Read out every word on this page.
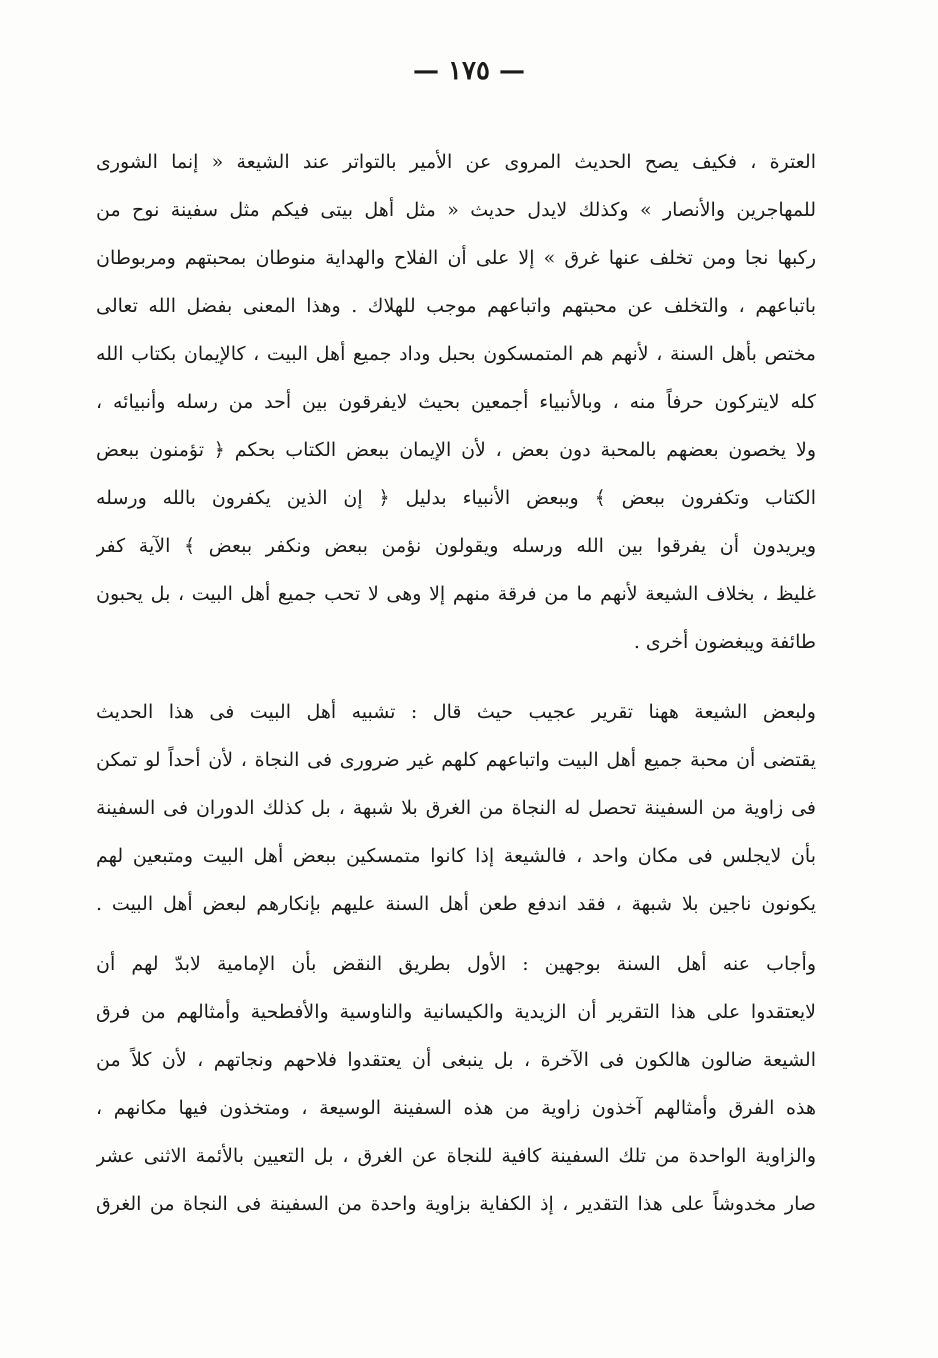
— ١٧٥ —
العترة ، فكيف يصح الحديث المروى عن الأمير بالتواتر عند الشيعة « إنما الشورى
للمهاجرين والأنصار » وكذلك لايدل حديث « مثل أهل بيتى فيكم مثل سفينة نوح من
ركبها نجا ومن تخلف عنها غرق » إلا على أن الفلاح والهداية منوطان بمحبتهم ومربوطان
باتباعهم ، والتخلف عن محبتهم واتباعهم موجب للهلاك . وهذا المعنى بفضل الله تعالى
مختص بأهل السنة ، لأنهم هم المتمسكون بحبل وداد جميع أهل البيت ، كالإيمان بكتاب الله
كله لايتركون حرفاً منه ، وبالأنبياء أجمعين بحيث لايفرقون بين أحد من رسله وأنبيائه ،
ولا يخصون بعضهم بالمحبة دون بعض ، لأن الإيمان ببعض الكتاب بحكم ﴿ تؤمنون ببعض
الكتاب وتكفرون ببعض ﴾ وببعض الأنبياء بدليل ﴿ إن الذين يكفرون بالله ورسله
ويريدون أن يفرقوا بين الله ورسله ويقولون نؤمن ببعض ونكفر ببعض ﴾ الآية كفر
غليظ ، بخلاف الشيعة لأنهم ما من فرقة منهم إلا وهى لا تحب جميع أهل البيت ، بل يحبون
طائفة ويبغضون أخرى .
ولبعض الشيعة ههنا تقرير عجيب حيث قال : تشبيه أهل البيت فى هذا الحديث
يقتضى أن محبة جميع أهل البيت واتباعهم كلهم غير ضرورى فى النجاة ، لأن أحداً لو تمكن
فى زاوية من السفينة تحصل له النجاة من الغرق بلا شبهة ، بل كذلك الدوران فى السفينة
بأن لايجلس فى مكان واحد ، فالشيعة إذا كانوا متمسكين ببعض أهل البيت ومتبعين لهم
يكونون ناجين بلا شبهة ، فقد اندفع طعن أهل السنة عليهم بإنكارهم لبعض أهل البيت .
وأجاب عنه أهل السنة بوجهين : الأول بطريق النقض بأن الإمامية لابدّ لهم أن
لايعتقدوا على هذا التقرير أن الزيدية والكيسانية والناوسية والأفطحية وأمثالهم من فرق
الشيعة ضالون هالكون فى الآخرة ، بل ينبغى أن يعتقدوا فلاحهم ونجاتهم ، لأن كلاً من
هذه الفرق وأمثالهم آخذون زاوية من هذه السفينة الوسيعة ، ومتخذون فيها مكانهم ،
والزاوية الواحدة من تلك السفينة كافية للنجاة عن الغرق ، بل التعيين بالأئمة الاثنى عشر
صار مخدوشاً على هذا التقدير ، إذ الكفاية بزاوية واحدة من السفينة فى النجاة من الغرق
